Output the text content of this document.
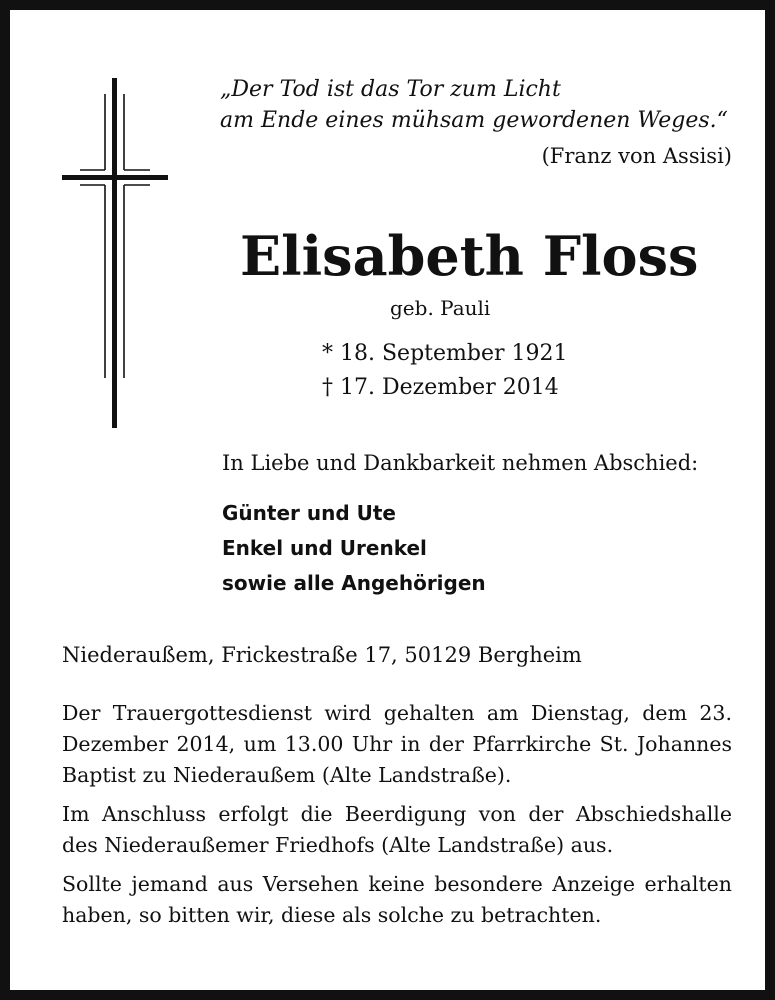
„Der Tod ist das Tor zum Licht
am Ende eines mühsam gewordenen Weges.“
(Franz von Assisi)
Elisabeth Floss
geb. Pauli
* 18. September 1921
† 17. Dezember 2014
In Liebe und Dankbarkeit nehmen Abschied:
Günter und Ute
Enkel und Urenkel
sowie alle Angehörigen
Niederaußem, Frickestraße 17, 50129 Bergheim

Der Trauergottesdienst wird gehalten am Dienstag, dem 23. Dezember 2014, um 13.00 Uhr in der Pfarrkirche St. Johannes Baptist zu Niederaußem (Alte Landstraße).

Im Anschluss erfolgt die Beerdigung von der Abschiedshalle des Niederaußemer Friedhofs (Alte Landstraße) aus.

Sollte jemand aus Versehen keine besondere Anzeige erhalten haben, so bitten wir, diese als solche zu betrachten.
